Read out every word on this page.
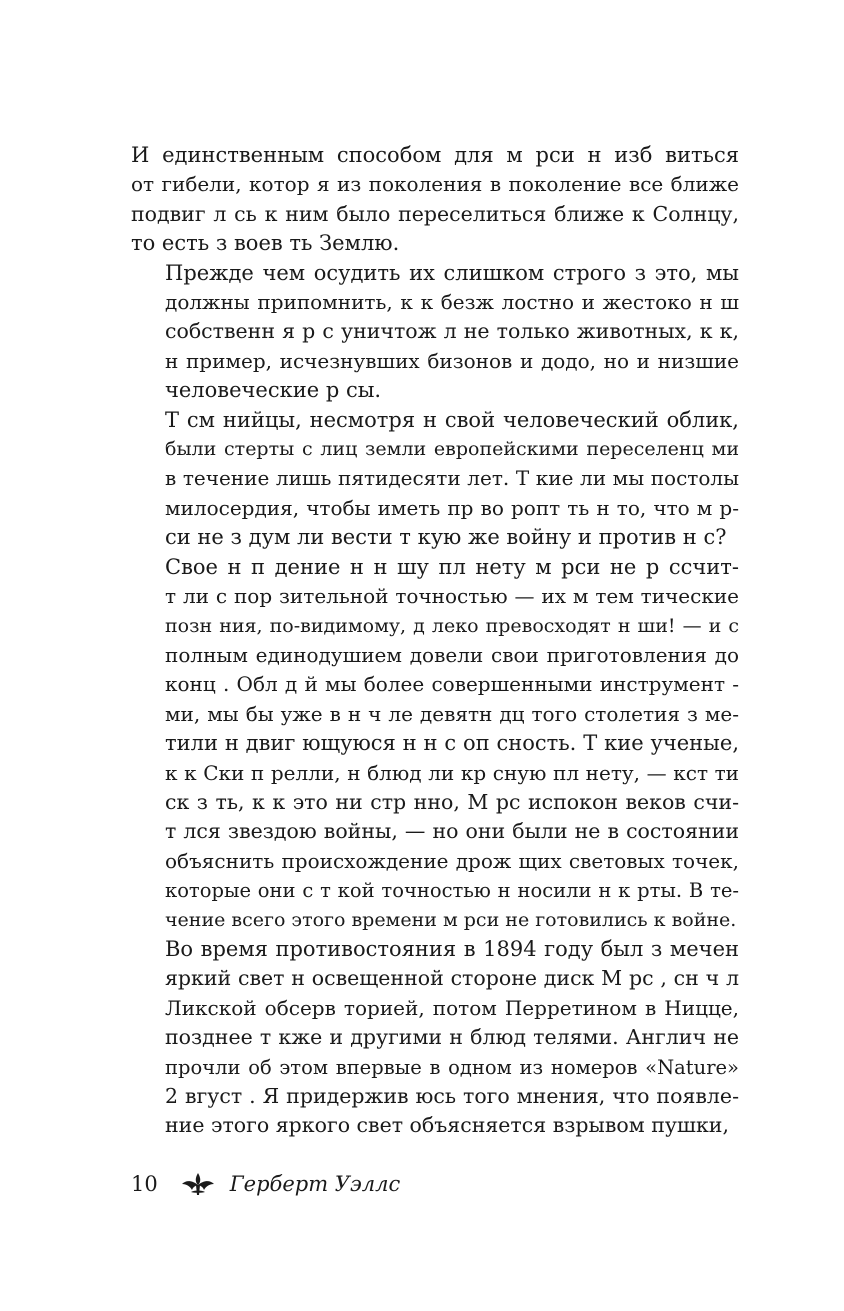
И единственным способом для м рси н изб виться
от гибели, котор я из поколения в поколение все ближе
подвиг л сь к ним было переселиться ближе к Солнцу,
то есть з воев ть Землю.

Прежде чем осудить их слишком строго з это, мы
должны припомнить, к к безж лостно и жестоко н ш
собственн я р с уничтож л не только животных, к к,
н пример, исчезнувших бизонов и додо, но и низшие
человеческие р сы.

Т см нийцы, несмотря н свой человеческий облик,
были стерты с лиц земли европейскими переселенц ми
в течение лишь пятидесяти лет. Т кие ли мы постолы
милосердия, чтобы иметь пр во ропт ть н то, что м р-
си не з дум ли вести т кую же войну и против н с?

Свое н п дение н н шу пл нету м рси не р ссчит-
т ли с пор зительной точностью — их м тем тические
позн ния, по-видимому, д леко превосходят н ши! — и с
полным единодушием довели свои приготовления до
конц . Обл д й мы более совершенными инструмент -
ми, мы бы уже в н ч ле девятн дц того столетия з ме-
тили н двиг ющуюся н н с оп сность. Т кие ученые,
к к Ски п релли, н блюд ли кр сную пл нету, — кст ти
ск з ть, к к это ни стр нно, М рс испокон веков счи-
т лся звездою войны, — но они были не в состоянии
объяснить происхождение дрож щих световых точек,
которые они с т кой точностью н носили н к рты. В те-
чение всего этого времени м рси не готовились к войне.

Во время противостояния в 1894 году был з мечен
яркий свет н освещенной стороне диск М рс , сн ч л
Ликской обсерв торией, потом Перретином в Ницце,
позднее т кже и другими н блюд телями. Англич не
прочли об этом впервые в одном из номеров «Nature»
2 вгуст . Я придержив юсь того мнения, что появле-
ние этого яркого свет объясняется взрывом пушки,

10	Герберт Уэллс
